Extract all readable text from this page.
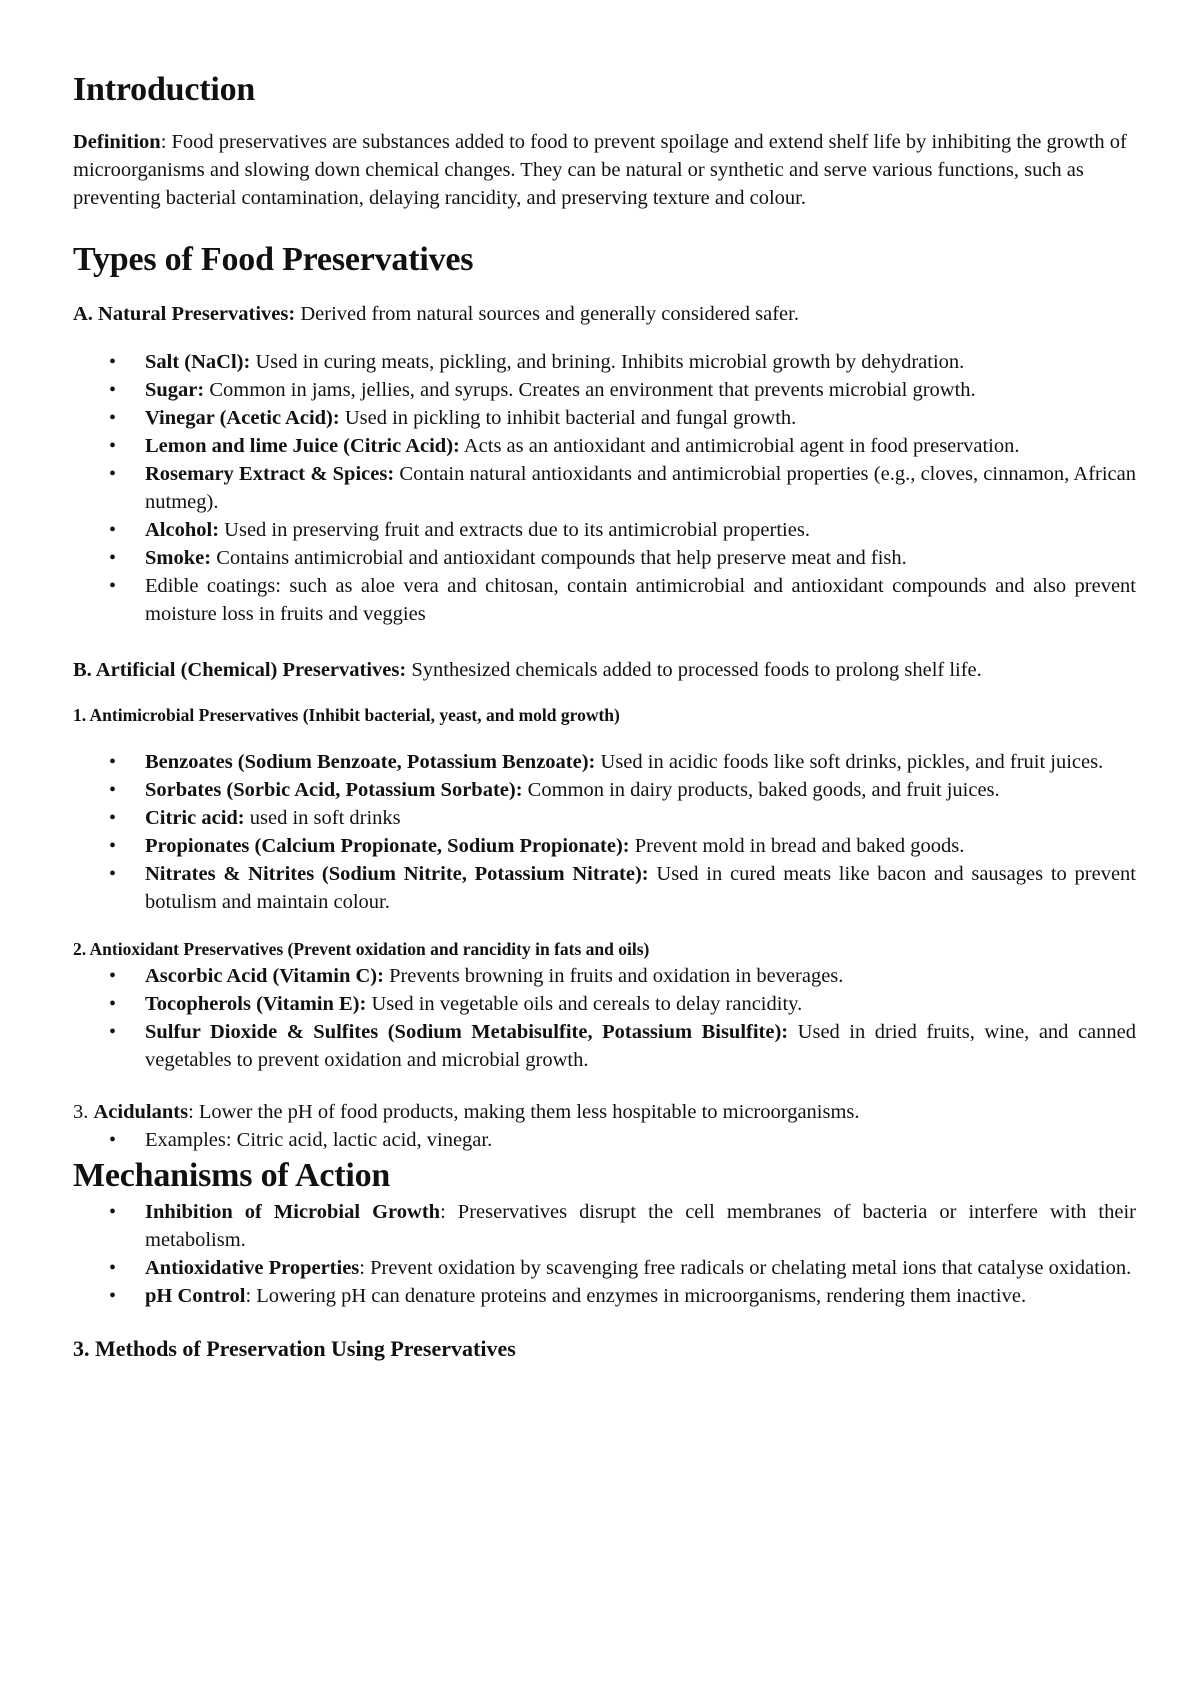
Introduction

Definition: Food preservatives are substances added to food to prevent spoilage and extend shelf life by inhibiting the growth of microorganisms and slowing down chemical changes. They can be natural or synthetic and serve various functions, such as preventing bacterial contamination, delaying rancidity, and preserving texture and colour.

Types of Food Preservatives

A. Natural Preservatives: Derived from natural sources and generally considered safer.

• Salt (NaCl): Used in curing meats, pickling, and brining. Inhibits microbial growth by dehydration.
• Sugar: Common in jams, jellies, and syrups. Creates an environment that prevents microbial growth.
• Vinegar (Acetic Acid): Used in pickling to inhibit bacterial and fungal growth.
• Lemon and lime Juice (Citric Acid): Acts as an antioxidant and antimicrobial agent in food preservation.
• Rosemary Extract & Spices: Contain natural antioxidants and antimicrobial properties (e.g., cloves, cinnamon, African nutmeg).
• Alcohol: Used in preserving fruit and extracts due to its antimicrobial properties.
• Smoke: Contains antimicrobial and antioxidant compounds that help preserve meat and fish.
• Edible coatings: such as aloe vera and chitosan, contain antimicrobial and antioxidant compounds and also prevent moisture loss in fruits and veggies

B. Artificial (Chemical) Preservatives: Synthesized chemicals added to processed foods to prolong shelf life.

1. Antimicrobial Preservatives (Inhibit bacterial, yeast, and mold growth)

• Benzoates (Sodium Benzoate, Potassium Benzoate): Used in acidic foods like soft drinks, pickles, and fruit juices.
• Sorbates (Sorbic Acid, Potassium Sorbate): Common in dairy products, baked goods, and fruit juices.
• Citric acid: used in soft drinks
• Propionates (Calcium Propionate, Sodium Propionate): Prevent mold in bread and baked goods.
• Nitrates & Nitrites (Sodium Nitrite, Potassium Nitrate): Used in cured meats like bacon and sausages to prevent botulism and maintain colour.

2. Antioxidant Preservatives (Prevent oxidation and rancidity in fats and oils)

• Ascorbic Acid (Vitamin C): Prevents browning in fruits and oxidation in beverages.
• Tocopherols (Vitamin E): Used in vegetable oils and cereals to delay rancidity.
• Sulfur Dioxide & Sulfites (Sodium Metabisulfite, Potassium Bisulfite): Used in dried fruits, wine, and canned vegetables to prevent oxidation and microbial growth.

3. Acidulants: Lower the pH of food products, making them less hospitable to microorganisms.

• Examples: Citric acid, lactic acid, vinegar.
Mechanisms of Action
• Inhibition of Microbial Growth: Preservatives disrupt the cell membranes of bacteria or interfere with their metabolism.
• Antioxidative Properties: Prevent oxidation by scavenging free radicals or chelating metal ions that catalyse oxidation.
• pH Control: Lowering pH can denature proteins and enzymes in microorganisms, rendering them inactive.

3. Methods of Preservation Using Preservatives
